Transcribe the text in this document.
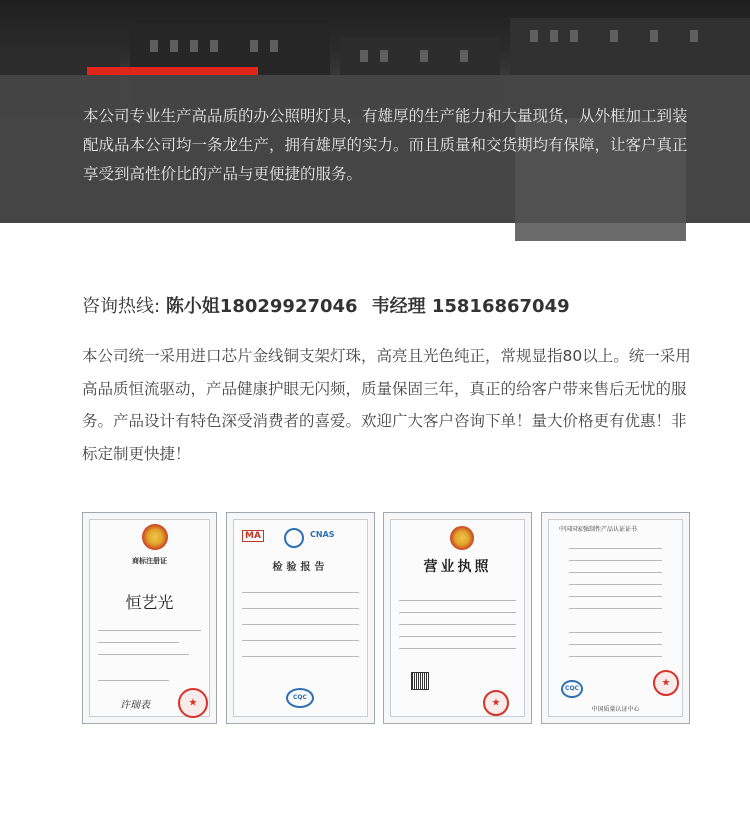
本公司专业生产高品质的办公照明灯具，有雄厚的生产能力和大量现货，从外框加工到装配成品本公司均一条龙生产，拥有雄厚的实力。而且质量和交货期均有保障，让客户真正享受到高性价比的产品与更便捷的服务。

咨询热线: 陈小姐18029927046 韦经理 15816867049

本公司统一采用进口芯片金线铜支架灯珠，高亮且光色纯正，常规显指80以上。统一采用高品质恒流驱动，产品健康护眼无闪频，质量保固三年，真正的给客户带来售后无忧的服务。产品设计有特色深受消费者的喜爱。欢迎广大客户咨询下单！量大价格更有优惠！非标定制更快捷！

商标注册证
恒艺光
许瑞表
★
MA	CNAS
检验报告
CQC
营业执照
★
中国国家强制性产品认证证书
CQC
★
中国质量认证中心
